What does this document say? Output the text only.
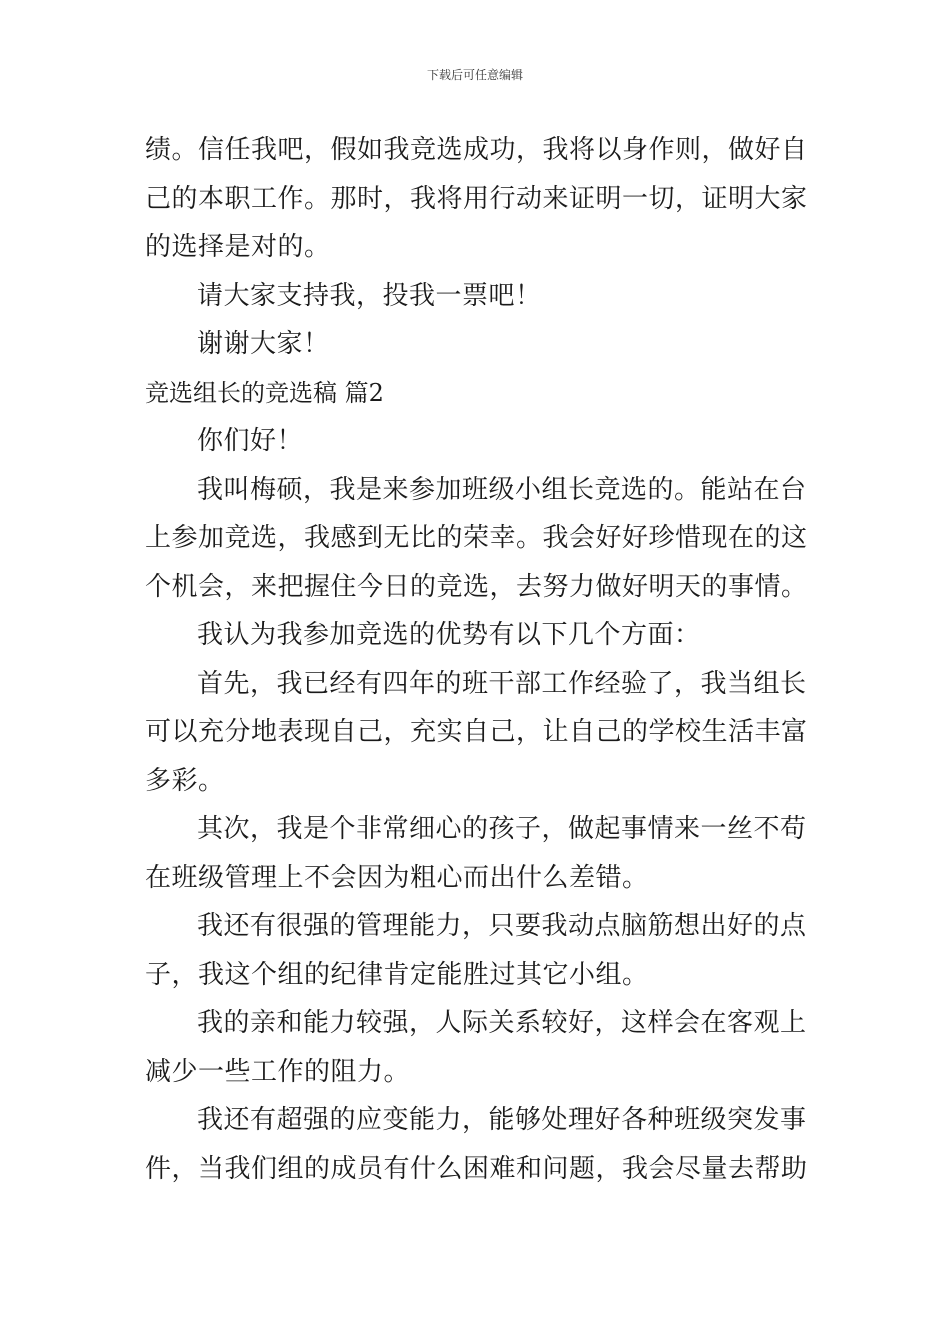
下载后可任意编辑

绩。信任我吧，假如我竞选成功，我将以身作则，做好自

己的本职工作。那时，我将用行动来证明一切，证明大家

的选择是对的。

请大家支持我，投我一票吧！

谢谢大家！

竞选组长的竞选稿 篇2

你们好！

我叫梅硕，我是来参加班级小组长竞选的。能站在台

上参加竞选，我感到无比的荣幸。我会好好珍惜现在的这

个机会，来把握住今日的竞选，去努力做好明天的事情。

我认为我参加竞选的优势有以下几个方面：

首先，我已经有四年的班干部工作经验了，我当组长

可以充分地表现自己，充实自己，让自己的学校生活丰富

多彩。

其次，我是个非常细心的孩子，做起事情来一丝不苟

在班级管理上不会因为粗心而出什么差错。

我还有很强的管理能力，只要我动点脑筋想出好的点

子，我这个组的纪律肯定能胜过其它小组。

我的亲和能力较强，人际关系较好，这样会在客观上

减少一些工作的阻力。

我还有超强的应变能力，能够处理好各种班级突发事

件，当我们组的成员有什么困难和问题，我会尽量去帮助
